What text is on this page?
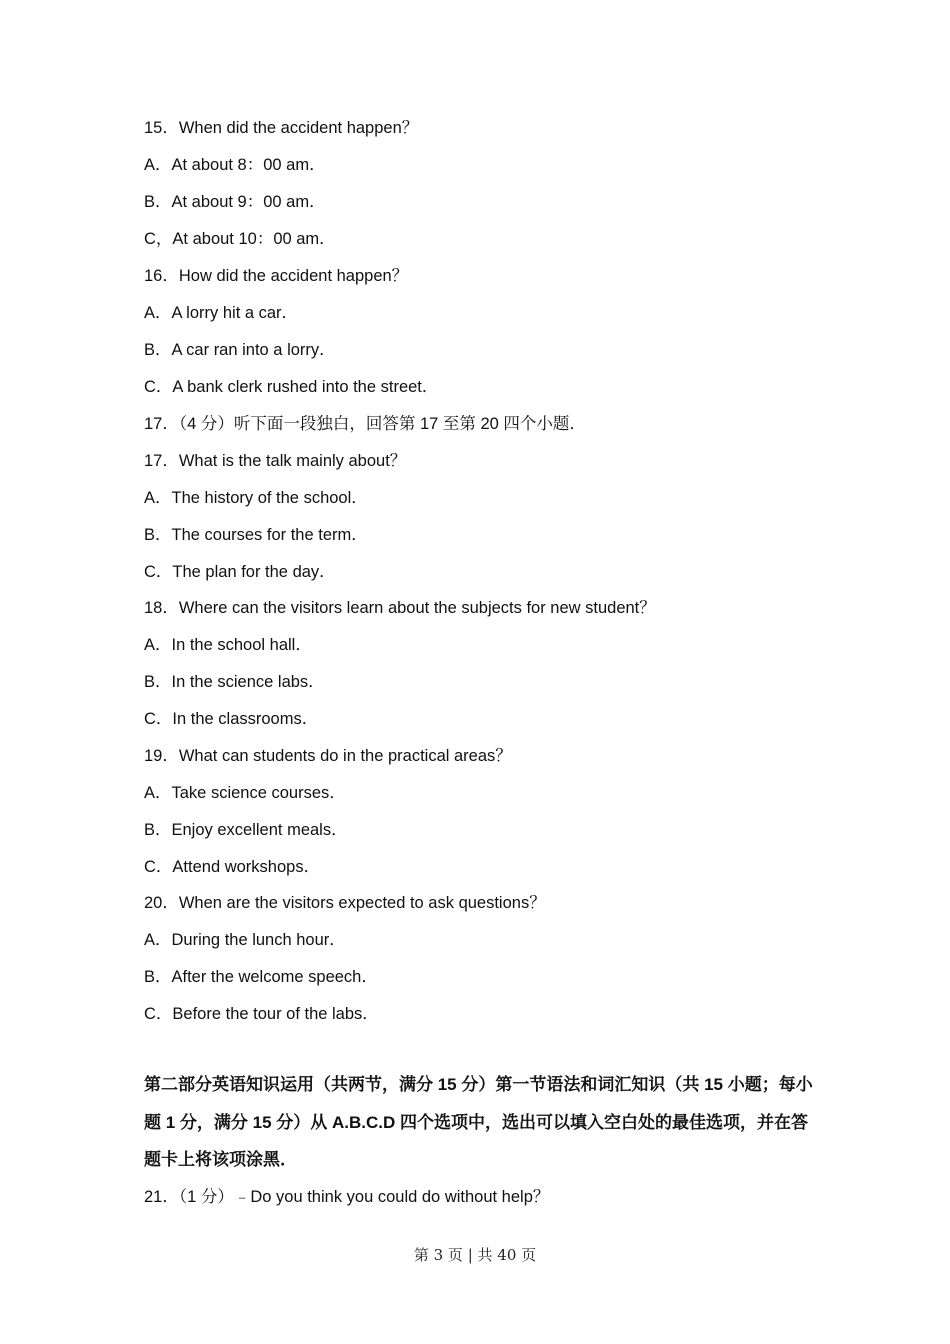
15．When did the accident happen？
A．At about 8：00 am．
B．At about 9：00 am．
C，At about 10：00 am．
16．How did the accident happen？
A．A lorry hit a car．
B．A car ran into a lorry．
C．A bank clerk rushed into the street．
17．（4 分）听下面一段独白，回答第 17 至第 20 四个小题．
17．What is the talk mainly about？
A．The history of the school．
B．The courses for the term．
C．The plan for the day．
18．Where can the visitors learn about the subjects for new student？
A．In the school hall．
B．In the science labs．
C．In the classrooms．
19．What can students do in the practical areas？
A．Take science courses．
B．Enjoy excellent meals．
C．Attend workshops．
20．When are the visitors expected to ask questions？
A．During the lunch hour．
B．After the welcome speech．
C．Before the tour of the labs．
第二部分英语知识运用（共两节，满分 15 分）第一节语法和词汇知识（共 15 小题；每小题 1 分，满分 15 分）从 A.B.C.D 四个选项中，选出可以填入空白处的最佳选项，并在答题卡上将该项涂黑．
21．（1 分）﹣Do you think you could do without help？
第 3 页 | 共 40 页
